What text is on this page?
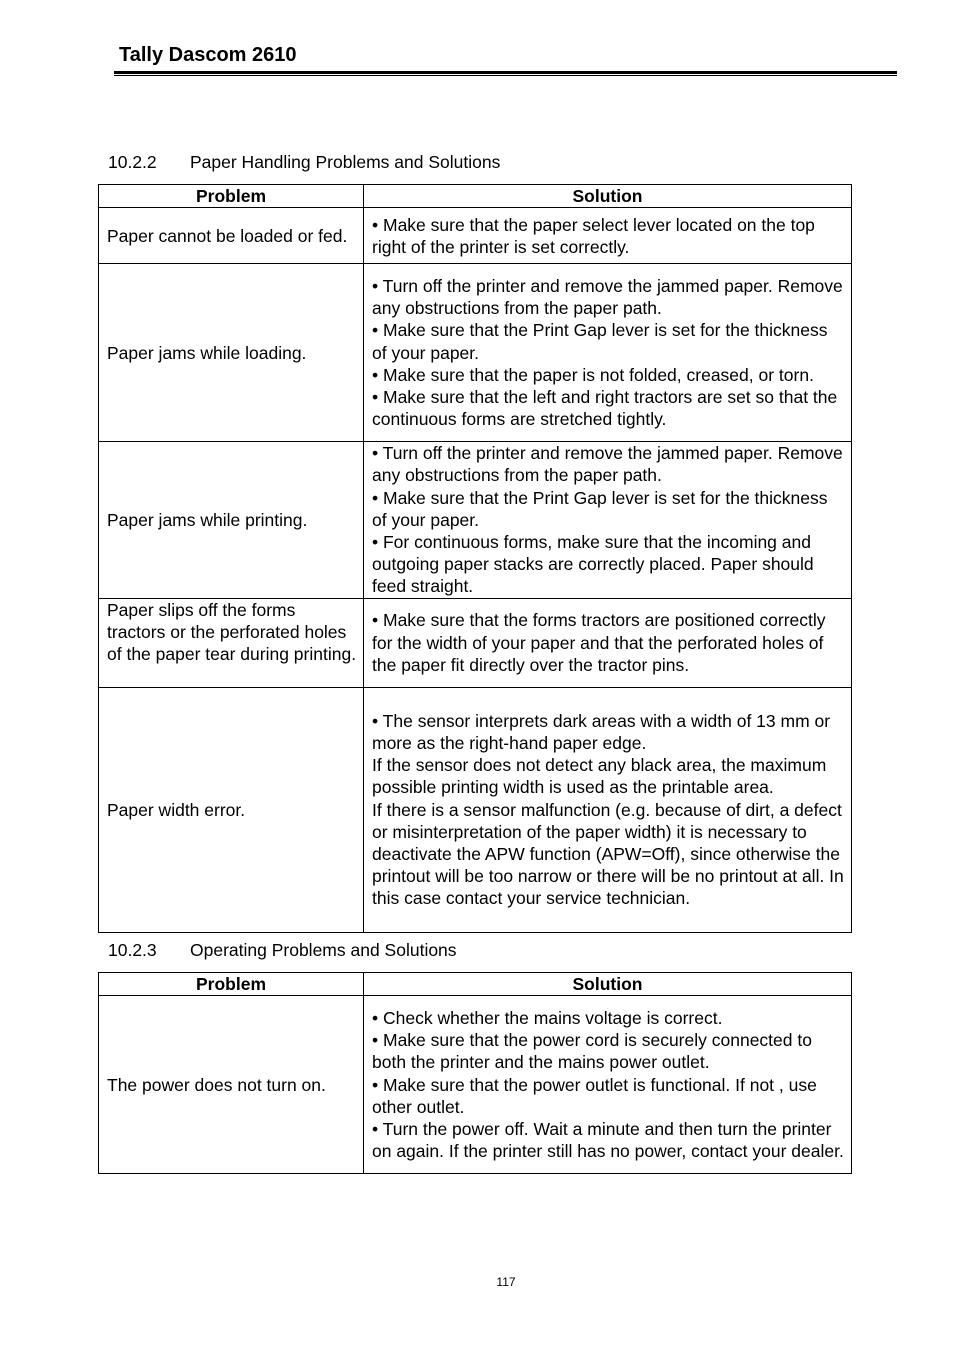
Tally Dascom 2610
10.2.2 Paper Handling Problems and Solutions
Problem	Solution
Paper cannot be loaded or fed.	• Make sure that the paper select lever located on the top right of the printer is set correctly.

Paper jams while loading.	• Turn off the printer and remove the jammed paper. Remove any obstructions from the paper path.
• Make sure that the Print Gap lever is set for the thickness of your paper.
• Make sure that the paper is not folded, creased, or torn.
• Make sure that the left and right tractors are set so that the continuous forms are stretched tightly.

Paper jams while printing.	• Turn off the printer and remove the jammed paper. Remove any obstructions from the paper path.
• Make sure that the Print Gap lever is set for the thickness of your paper.
• For continuous forms, make sure that the incoming and outgoing paper stacks are correctly placed. Paper should feed straight.

Paper slips off the forms tractors or the perforated holes of the paper tear during printing.	• Make sure that the forms tractors are positioned correctly for the width of your paper and that the perforated holes of the paper fit directly over the tractor pins.

Paper width error.	• The sensor interprets dark areas with a width of 13 mm or more as the right-hand paper edge.
If the sensor does not detect any black area, the maximum possible printing width is used as the printable area.
If there is a sensor malfunction (e.g. because of dirt, a defect or misinterpretation of the paper width) it is necessary to deactivate the APW function (APW=Off), since otherwise the printout will be too narrow or there will be no printout at all. In this case contact your service technician.
10.2.3 Operating Problems and Solutions
Problem	Solution
The power does not turn on.	• Check whether the mains voltage is correct.
• Make sure that the power cord is securely connected to both the printer and the mains power outlet.
• Make sure that the power outlet is functional. If not , use other outlet.
• Turn the power off. Wait a minute and then turn the printer on again. If the printer still has no power, contact your dealer.
117
